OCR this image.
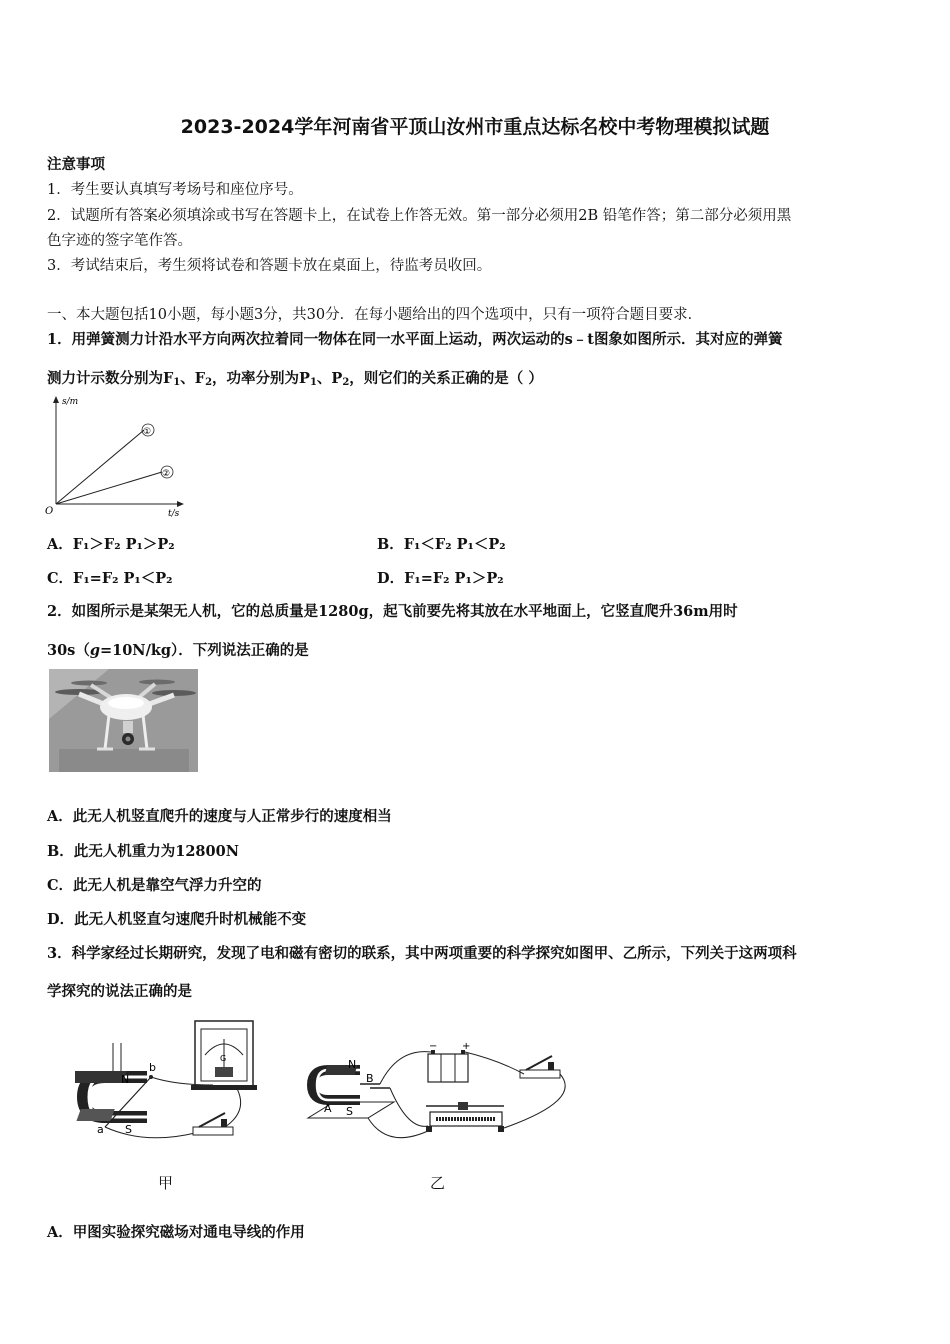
2023-2024学年河南省平顶山汝州市重点达标名校中考物理模拟试题
注意事项
1．考生要认真填写考场号和座位序号。
2．试题所有答案必须填涂或书写在答题卡上，在试卷上作答无效。第一部分必须用2B 铅笔作答；第二部分必须用黑
色字迹的签字笔作答。
3．考试结束后，考生须将试卷和答题卡放在桌面上，待监考员收回。
一、本大题包括10小题，每小题3分，共30分．在每小题给出的四个选项中，只有一项符合题目要求．
1．用弹簧测力计沿水平方向两次拉着同一物体在同一水平面上运动，两次运动的s﹣t图象如图所示．其对应的弹簧
测力计示数分别为$F_1$、$F_2$，功率分别为$P_1$、$P_2$，则它们的关系正确的是（ ）
s/m
t/s
O
①
②
A．F₁＞F₂ P₁＞P₂	B．F₁＜F₂ P₁＜P₂
C．F₁=F₂ P₁＜P₂	D．F₁=F₂ P₁＞P₂
2．如图所示是某架无人机，它的总质量是1280g，起飞前要先将其放在水平地面上，它竖直爬升36m用时
30s（g=10N/kg）．下列说法正确的是
A．此无人机竖直爬升的速度与人正常步行的速度相当
B．此无人机重力为12800N
C．此无人机是靠空气浮力升空的
D．此无人机竖直匀速爬升时机械能不变
3．科学家经过长期研究，发现了电和磁有密切的联系，其中两项重要的科学探究如图甲、乙所示，下列关于这两项科
学探究的说法正确的是
N
S
a
b
G
甲
N
S
A
B
− +
乙
A．甲图实验探究磁场对通电导线的作用
